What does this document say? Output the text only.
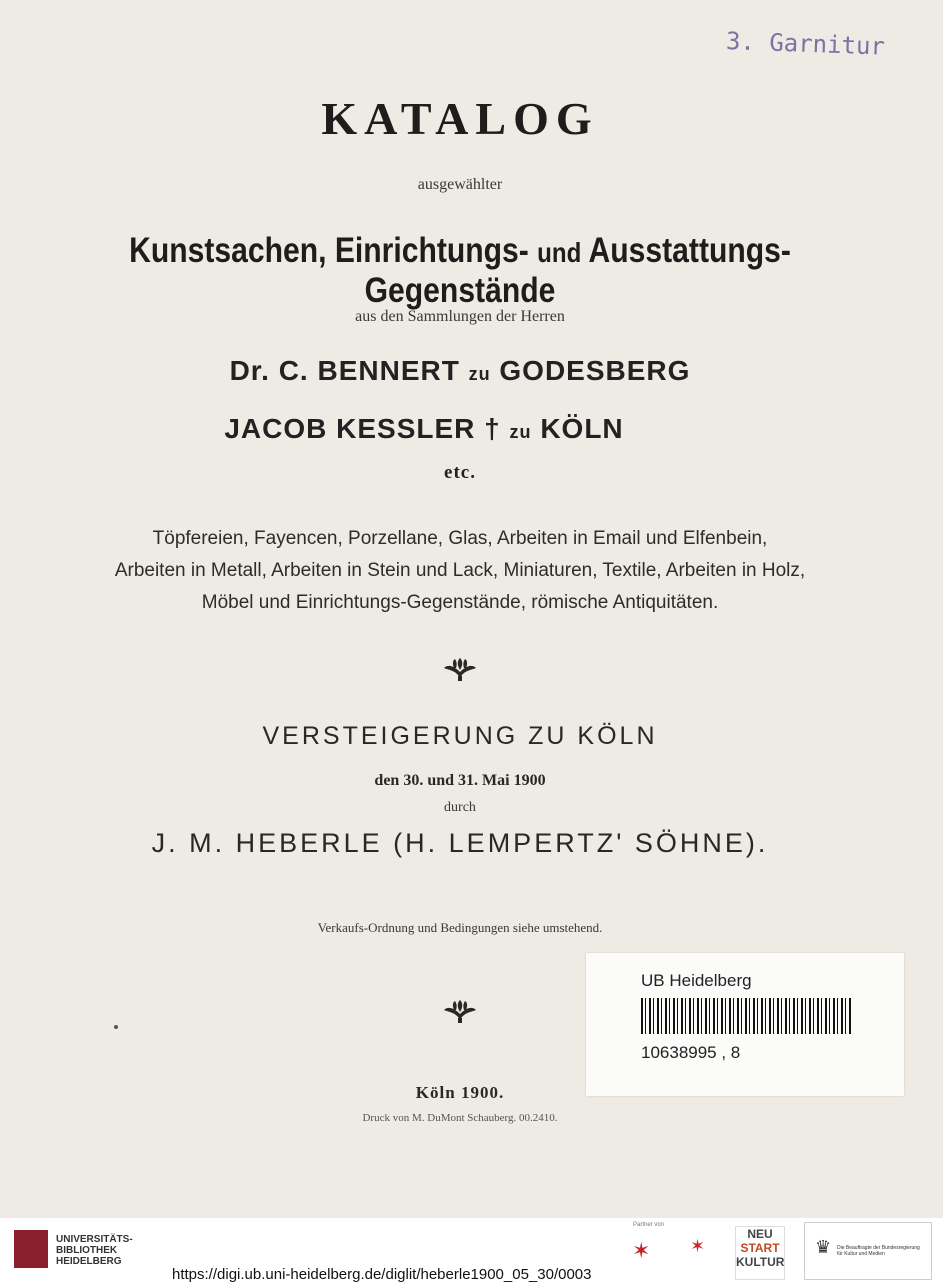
3. Garnitur
KATALOG
ausgewählter
Kunstsachen, Einrichtungs- und Ausstattungs-Gegenstände
aus den Sammlungen der Herren
Dr. C. BENNERT zu GODESBERG
JACOB KESSLER † zu KÖLN
etc.
Töpfereien, Fayencen, Porzellane, Glas, Arbeiten in Email und Elfenbein,
Arbeiten in Metall, Arbeiten in Stein und Lack, Miniaturen, Textile, Arbeiten in Holz,
Möbel und Einrichtungs-Gegenstände, römische Antiquitäten.
VERSTEIGERUNG ZU KÖLN
den 30. und 31. Mai 1900
durch
J. M. HEBERLE (H. LEMPERTZ' SÖHNE).
Verkaufs-Ordnung und Bedingungen siehe umstehend.
Köln 1900.
Druck von M. DuMont Schauberg. 00.2410.
UB Heidelberg
10638995 , 8
UNIVERSITÄTS-
BIBLIOTHEK
HEIDELBERG
Partner von
✶	✶
NEU
START
KULTUR
♛ Die Beauftragte der Bundesregierung für Kultur und Medien
https://digi.ub.uni-heidelberg.de/diglit/heberle1900_05_30/0003
